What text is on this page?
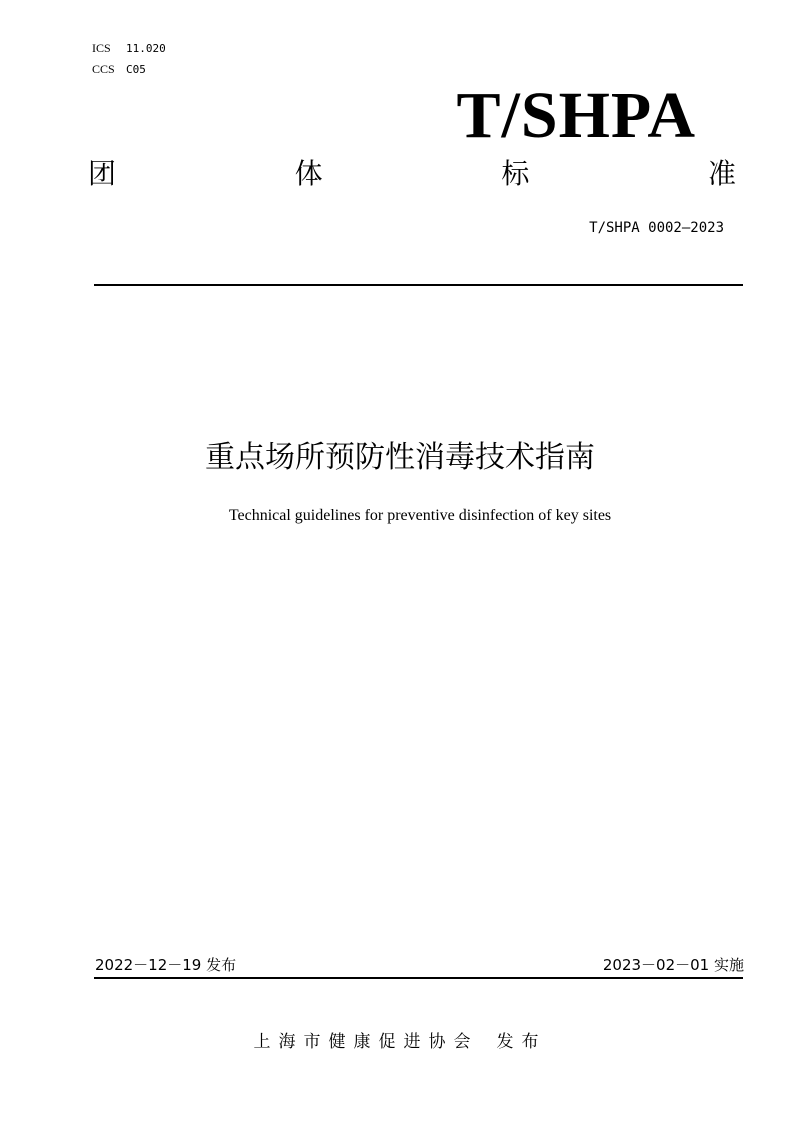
ICS 11.020
CCS C05
T/SHPA
团	体	标	准
T/SHPA 0002—2023
重点场所预防性消毒技术指南
Technical guidelines for preventive disinfection of key sites
2022－12－19 发布	2023－02－01 实施
上海市健康促进协会 发布
